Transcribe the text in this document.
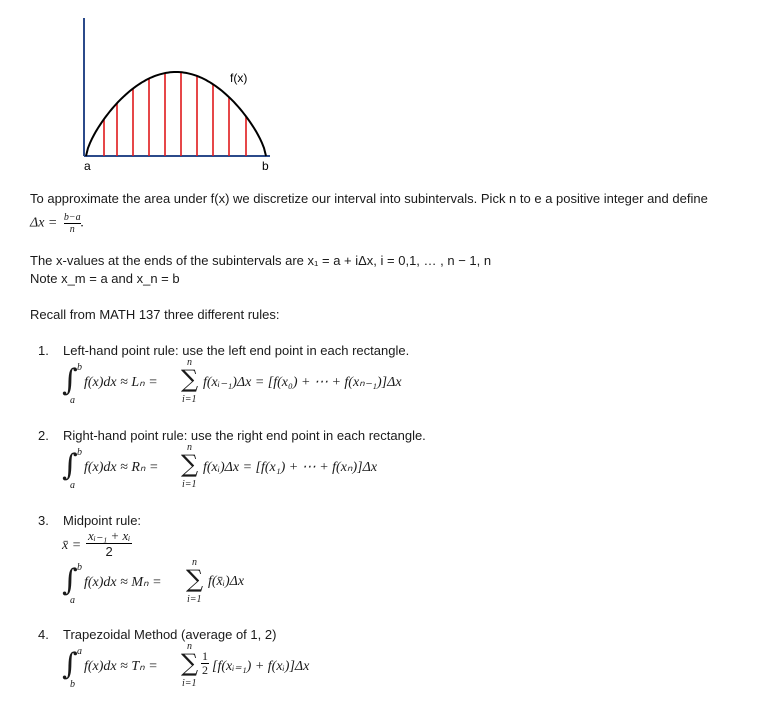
f(x)
a	b
To approximate the area under f(x) we discretize our interval into subintervals. Pick n to e a positive integer and define
$\Delta x = \frac{b-a}{n}$ .
The x-values at the ends of the subintervals are x₁ = a + iΔx, i = 0,1, … , n − 1, n
Note x_m = a and x_n = b
Recall from MATH 137 three different rules:
1. Left-hand point rule: use the left end point in each rectangle.
∫ b
a
f(x)dx ≈ Lₙ =
n
∑
i=1
f(xᵢ₋₁)Δx = [f(x₀) + ⋯ + f(xₙ₋₁)]Δx
2. Right-hand point rule: use the right end point in each rectangle.
∫ b
a
f(x)dx ≈ Rₙ =
n
∑
i=1
f(xᵢ)Δx = [f(x₁) + ⋯ + f(xₙ)]Δx
3. Midpoint rule:
x̄ = $\frac{\text{xᵢ₋₁ + xᵢ}}{2}$
∫ b
a
f(x)dx ≈ Mₙ =
n
∑
i=1
f(x̄ᵢ)Δx
4. Trapezoidal Method (average of 1, 2)
∫ a
b
f(x)dx ≈ Tₙ =
n
∑
i=1
$\frac{1}{2}$ [f(xᵢ₌₁) + f(xᵢ)]Δx
